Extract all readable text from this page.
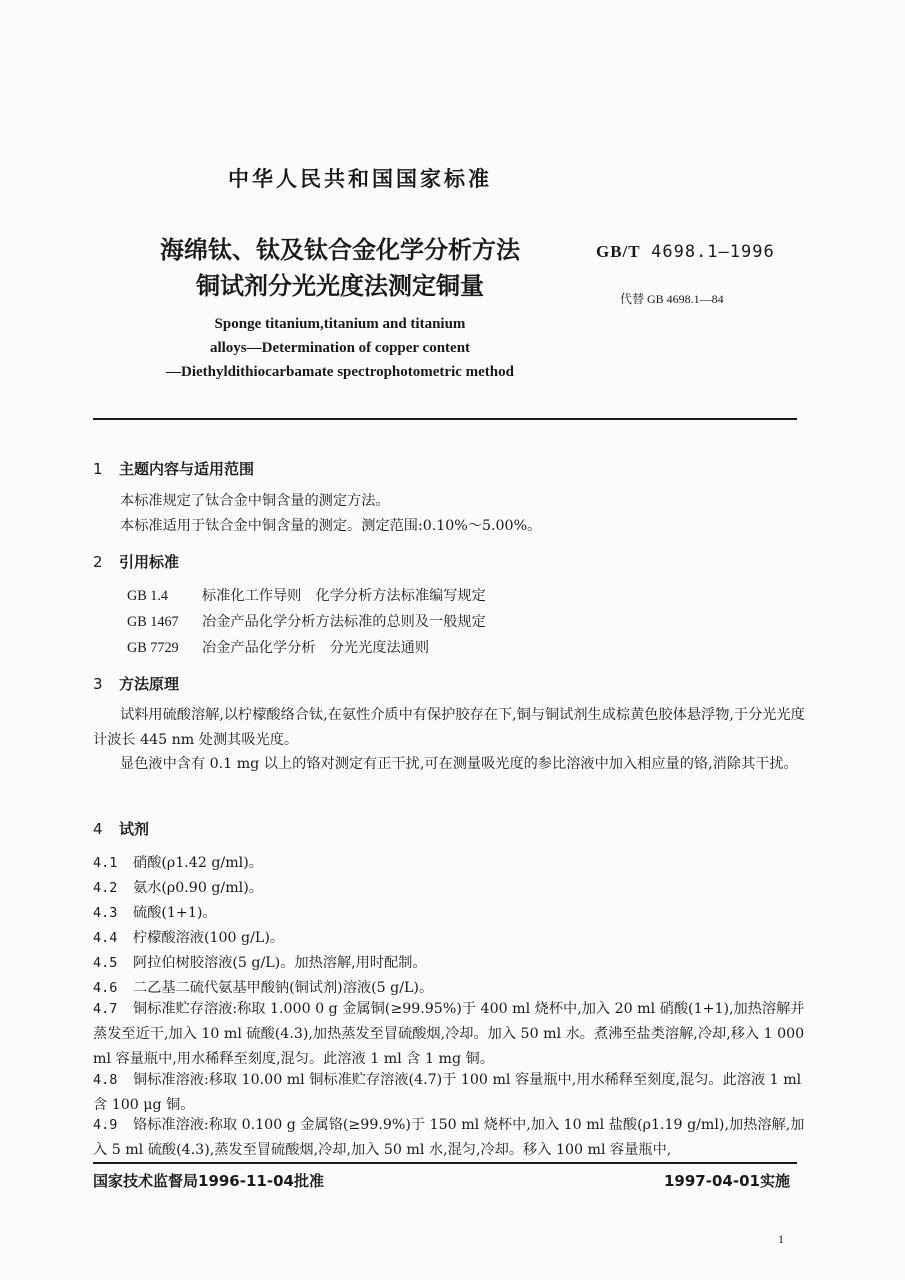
中华人民共和国国家标准
海绵钛、钛及钛合金化学分析方法
铜试剂分光光度法测定铜量
GB/T 4698.1—1996
代替 GB 4698.1—84
Sponge titanium,titanium and titanium
alloys—Determination of copper content
—Diethyldithiocarbamate spectrophotometric method
1 主题内容与适用范围
本标准规定了钛合金中铜含量的测定方法。
本标准适用于钛合金中铜含量的测定。测定范围:0.10%～5.00%。
2 引用标准
GB 1.4 标准化工作导则　化学分析方法标准编写规定
GB 1467 冶金产品化学分析方法标准的总则及一般规定
GB 7729 冶金产品化学分析　分光光度法通则
3 方法原理
试料用硫酸溶解,以柠檬酸络合钛,在氨性介质中有保护胶存在下,铜与铜试剂生成棕黄色胶体悬浮物,于分光光度计波长 445 nm 处测其吸光度。
显色液中含有 0.1 mg 以上的铬对测定有正干扰,可在测量吸光度的参比溶液中加入相应量的铬,消除其干扰。
4 试剂
4.1 硝酸(ρ1.42 g/ml)。
4.2 氨水(ρ0.90 g/ml)。
4.3 硫酸(1+1)。
4.4 柠檬酸溶液(100 g/L)。
4.5 阿拉伯树胶溶液(5 g/L)。加热溶解,用时配制。
4.6 二乙基二硫代氨基甲酸钠(铜试剂)溶液(5 g/L)。
4.7 铜标准贮存溶液:称取 1.000 0 g 金属铜(≥99.95%)于 400 ml 烧杯中,加入 20 ml 硝酸(1+1),加热溶解并蒸发至近干,加入 10 ml 硫酸(4.3),加热蒸发至冒硫酸烟,冷却。加入 50 ml 水。煮沸至盐类溶解,冷却,移入 1 000 ml 容量瓶中,用水稀释至刻度,混匀。此溶液 1 ml 含 1 mg 铜。
4.8 铜标准溶液:移取 10.00 ml 铜标准贮存溶液(4.7)于 100 ml 容量瓶中,用水稀释至刻度,混匀。此溶液 1 ml 含 100 μg 铜。
4.9 铬标准溶液:称取 0.100 g 金属铬(≥99.9%)于 150 ml 烧杯中,加入 10 ml 盐酸(ρ1.19 g/ml),加热溶解,加入 5 ml 硫酸(4.3),蒸发至冒硫酸烟,冷却,加入 50 ml 水,混匀,冷却。移入 100 ml 容量瓶中,
国家技术监督局1996-11-04批准	1997-04-01实施
1
